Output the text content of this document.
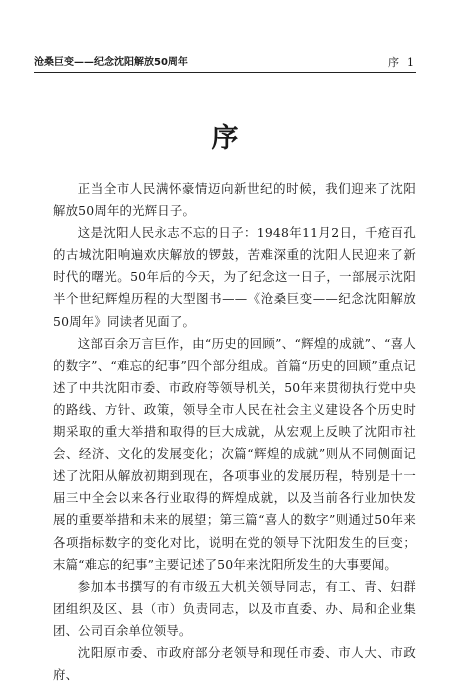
沧桑巨变——纪念沈阳解放50周年	序 1
序

正当全市人民满怀豪情迈向新世纪的时候，我们迎来了沈阳解放50周年的光辉日子。

这是沈阳人民永志不忘的日子：1948年11月2日，千疮百孔的古城沈阳响遍欢庆解放的锣鼓，苦难深重的沈阳人民迎来了新时代的曙光。50年后的今天，为了纪念这一日子，一部展示沈阳半个世纪辉煌历程的大型图书——《沧桑巨变——纪念沈阳解放50周年》同读者见面了。

这部百余万言巨作，由“历史的回顾”、“辉煌的成就”、“喜人的数字”、“难忘的纪事”四个部分组成。首篇“历史的回顾”重点记述了中共沈阳市委、市政府等领导机关，50年来贯彻执行党中央的路线、方针、政策，领导全市人民在社会主义建设各个历史时期采取的重大举措和取得的巨大成就，从宏观上反映了沈阳市社会、经济、文化的发展变化；次篇“辉煌的成就”则从不同侧面记述了沈阳从解放初期到现在，各项事业的发展历程，特别是十一届三中全会以来各行业取得的辉煌成就，以及当前各行业加快发展的重要举措和未来的展望；第三篇“喜人的数字”则通过50年来各项指标数字的变化对比，说明在党的领导下沈阳发生的巨变；末篇“难忘的纪事”主要记述了50年来沈阳所发生的大事要闻。

参加本书撰写的有市级五大机关领导同志，有工、青、妇群团组织及区、县（市）负责同志，以及市直委、办、局和企业集团、公司百余单位领导。

沈阳原市委、市政府部分老领导和现任市委、市人大、市政府、
